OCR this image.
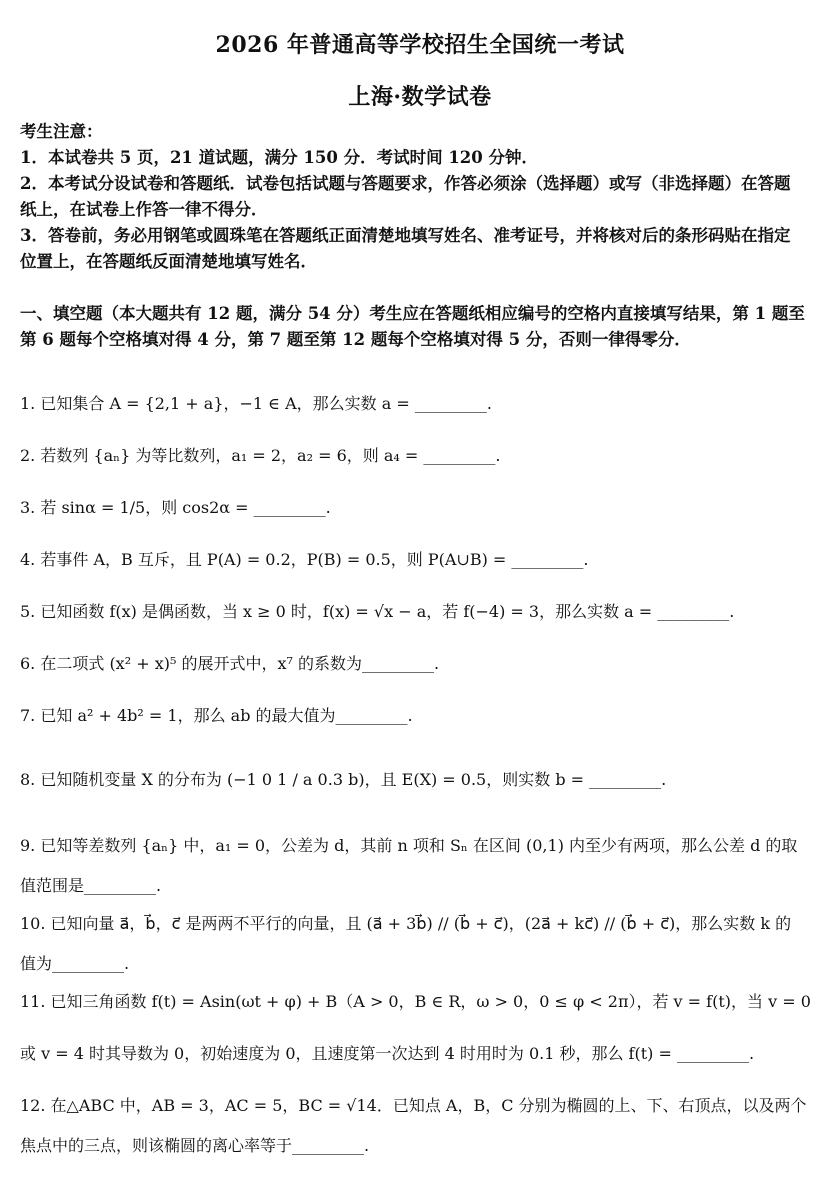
2026 年普通高等学校招生全国统一考试
上海·数学试卷
考生注意：
1．本试卷共 5 页，21 道试题，满分 150 分．考试时间 120 分钟．
2．本考试分设试卷和答题纸．试卷包括试题与答题要求，作答必须涂（选择题）或写（非选择题）在答题
纸上，在试卷上作答一律不得分．
3．答卷前，务必用钢笔或圆珠笔在答题纸正面清楚地填写姓名、准考证号，并将核对后的条形码贴在指定
位置上，在答题纸反面清楚地填写姓名．
一、填空题（本大题共有 12 题，满分 54 分）考生应在答题纸相应编号的空格内直接填写结果，第 1 题至
第 6 题每个空格填对得 4 分，第 7 题至第 12 题每个空格填对得 5 分，否则一律得零分．
1. 已知集合 A = {2,1 + a}，−1 ∈ A，那么实数 a = _________.
2. 若数列 {aₙ} 为等比数列，a₁ = 2，a₂ = 6，则 a₄ = _________.
3. 若 sinα = 1/5，则 cos2α = _________.
4. 若事件 A，B 互斥，且 P(A) = 0.2，P(B) = 0.5，则 P(A∪B) = _________.
5. 已知函数 f(x) 是偶函数，当 x ≥ 0 时，f(x) = √x − a，若 f(−4) = 3，那么实数 a = _________.
6. 在二项式 (x² + x)⁵ 的展开式中，x⁷ 的系数为_________.
7. 已知 a² + 4b² = 1，那么 ab 的最大值为_________.
8. 已知随机变量 X 的分布为 (−1 0 1 / a 0.3 b)，且 E(X) = 0.5，则实数 b = _________.
9. 已知等差数列 {aₙ} 中，a₁ = 0，公差为 d，其前 n 项和 Sₙ 在区间 (0,1) 内至少有两项，那么公差 d 的取
值范围是_________.
10. 已知向量 a⃗，b⃗，c⃗ 是两两不平行的向量，且 (a⃗ + 3b⃗) // (b⃗ + c⃗)，(2a⃗ + kc⃗) // (b⃗ + c⃗)，那么实数 k 的
值为_________.
11. 已知三角函数 f(t) = Asin(ωt + φ) + B（A > 0，B ∈ R，ω > 0，0 ≤ φ < 2π），若 v = f(t)，当 v = 0
或 v = 4 时其导数为 0，初始速度为 0，且速度第一次达到 4 时用时为 0.1 秒，那么 f(t) = _________.
12. 在△ABC 中，AB = 3，AC = 5，BC = √14．已知点 A，B，C 分别为椭圆的上、下、右顶点，以及两个
焦点中的三点，则该椭圆的离心率等于_________.
